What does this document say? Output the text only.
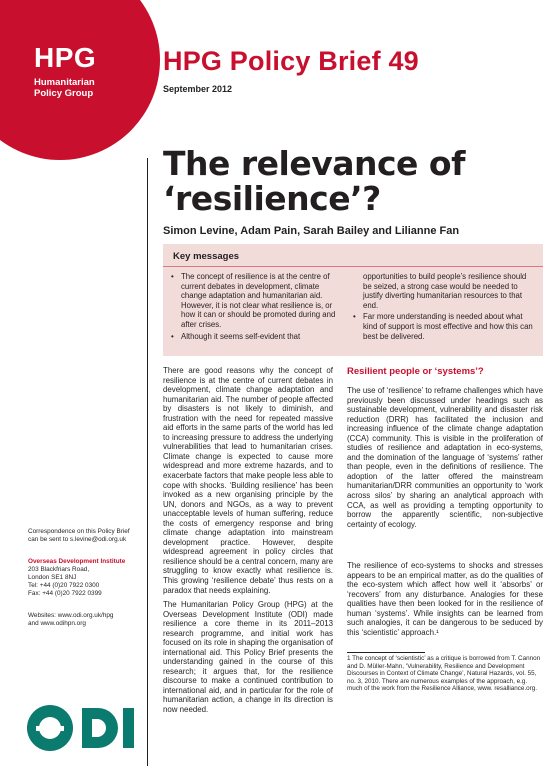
HPG
Humanitarian
Policy Group
HPG Policy Brief 49
September 2012
The relevance of
‘resilience’?
Simon Levine, Adam Pain, Sarah Bailey and Lilianne Fan
Key messages
• The concept of resilience is at the centre of current debates in development, climate change adaptation and humanitarian aid. However, it is not clear what resilience is, or how it can or should be promoted during and after crises.
• Although it seems self-evident that
opportunities to build people’s resilience should be seized, a strong case would be needed to justify diverting humanitarian resources to that end.
• Far more understanding is needed about what kind of support is most effective and how this can best be delivered.
There are good reasons why the concept of resilience is at the centre of current debates in development, climate change adaptation and humanitarian aid. The number of people affected by disasters is not likely to diminish, and frustration with the need for repeated massive aid efforts in the same parts of the world has led to increasing pressure to address the underlying vulnerabilities that lead to humanitarian crises. Climate change is expected to cause more widespread and more extreme hazards, and to exacerbate factors that make people less able to cope with shocks. ‘Building resilience’ has been invoked as a new organising principle by the UN, donors and NGOs, as a way to prevent unacceptable levels of human suffering, reduce the costs of emergency response and bring climate change adaptation into mainstream development practice. However, despite widespread agreement in policy circles that resilience should be a central concern, many are struggling to know exactly what resilience is. This growing ‘resilience debate’ thus rests on a paradox that needs explaining.
The Humanitarian Policy Group (HPG) at the Overseas Development Institute (ODI) made resilience a core theme in its 2011–2013 research programme, and initial work has focused on its role in shaping the organisation of international aid. This Policy Brief presents the understanding gained in the course of this research; it argues that, for the resilience discourse to make a continued contribution to international aid, and in particular for the role of humanitarian action, a change in its direction is now needed.
Resilient people or ‘systems’?
The use of ‘resilience’ to reframe challenges which have previously been discussed under headings such as sustainable development, vulnerability and disaster risk reduction (DRR) has facilitated the inclusion and increasing influence of the climate change adaptation (CCA) community. This is visible in the proliferation of studies of resilience and adaptation in eco-systems, and the domination of the language of ‘systems’ rather than people, even in the definitions of resilience. The adoption of the latter offered the mainstream humanitarian/DRR communities an opportunity to ‘work across silos’ by sharing an analytical approach with CCA, as well as providing a tempting opportunity to borrow the apparently scientific, non-subjective certainty of ecology.
The resilience of eco-systems to shocks and stresses appears to be an empirical matter, as do the qualities of the eco-system which affect how well it ‘absorbs’ or ‘recovers’ from any disturbance. Analogies for these qualities have then been looked for in the resilience of human ‘systems’. While insights can be learned from such analogies, it can be dangerous to be seduced by this ‘scientistic’ approach.¹
1 The concept of ‘scientistic’ as a critique is borrowed from T. Cannon and D. Müller-Mahn, ‘Vulnerability, Resilience and Development Discourses in Context of Climate Change’, Natural Hazards, vol. 55, no. 3, 2010. There are numerous examples of the approach, e.g. much of the work from the Resilience Alliance, www. resalliance.org.
Correspondence on this Policy Brief
can be sent to s.levine@odi.org.uk
Overseas Development Institute
203 Blackfriars Road,
London SE1 8NJ
Tel: +44 (0)20 7922 0300
Fax: +44 (0)20 7922 0399
Websites: www.odi.org.uk/hpg
and www.odihpn.org
